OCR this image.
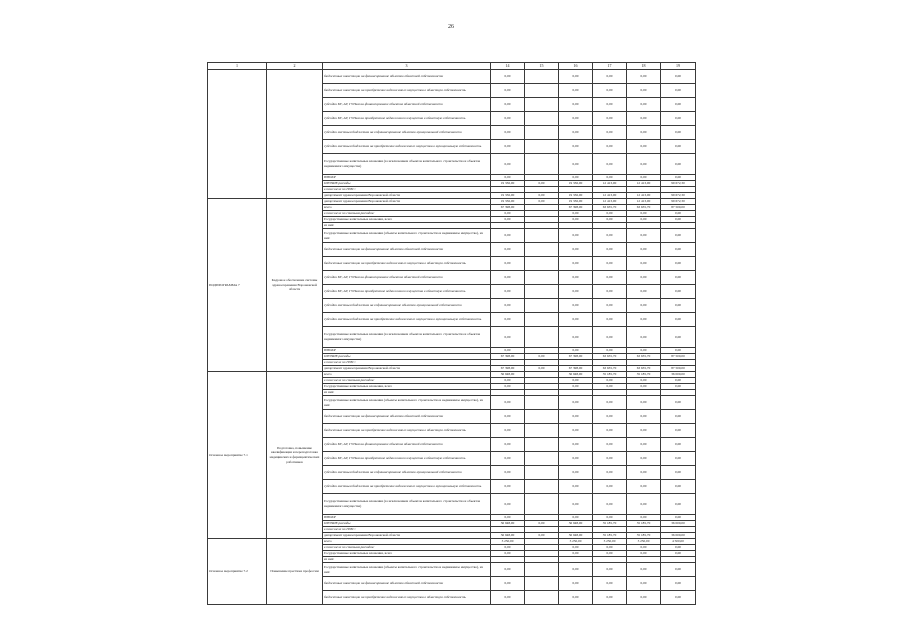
26
1	2	3	14	15	16	17	18	19
		бюджетные инвестиции на финансирование объектов областной собственности	0,00		0,00	0,00	0,00	0,00
		бюджетные инвестиции на приобретение недвижимого имущества в областную собственность	0,00		0,00	0,00	0,00	0,00
		субсидии БУ, АУ, ГУПам на финансирование объектов областной собственности	0,00		0,00	0,00	0,00	0,00
		субсидии БУ, АУ, ГУПам на приобретение недвижимого имущества в областную собственность	0,00		0,00	0,00	0,00	0,00
		субсидии местным бюджетам на софинансирование объектов муниципальной собственности	0,00		0,00	0,00	0,00	0,00
		субсидии местным бюджетам на приобретение недвижимого имущества в муниципальную собственность	0,00		0,00	0,00	0,00	0,00
		Государственные капитальные вложения (за исключением объектов капитального строительства и объектов недвижимого имущества)	0,00		0,00	0,00	0,00	0,00
		НИОКР	0,00		0,00	0,00	0,00	0,00
		ПРОЧИЕ расходы	19 336,00	0,00	19 336,00	12 413,00	12 413,00	99 672,30
		в том числе по ГРБС:						
		департамент здравоохранения Воронежской области	19 336,00	0,00	19 336,00	12 413,00	12 413,00	99 672,30
ПОДПРОГРАММА 7	Кадровое обеспечение системы здравоохранения Воронежской области	департамент здравоохранения Воронежской области	19 336,00	0,00	19 336,00	12 413,00	12 413,00	99 672,30
		всего	67 398,00		67 398,00	63 635,70	63 635,70	87 500,00
		в том числе по статьям расходов:	0,00		0,00	0,00	0,00	0,00
		Государственные капитальные вложения, всего	0,00		0,00	0,00	0,00	0,00
		из них:						
		Государственные капитальные вложения (объекты капитального строительства и недвижимое имущество), из них:	0,00		0,00	0,00	0,00	0,00
		бюджетные инвестиции на финансирование объектов областной собственности	0,00		0,00	0,00	0,00	0,00
		бюджетные инвестиции на приобретение недвижимого имущества в областную собственность	0,00		0,00	0,00	0,00	0,00
		субсидии БУ, АУ, ГУПам на финансирование объектов областной собственности	0,00		0,00	0,00	0,00	0,00
		субсидии БУ, АУ, ГУПам на приобретение недвижимого имущества в областную собственность	0,00		0,00	0,00	0,00	0,00
		субсидии местным бюджетам на софинансирование объектов муниципальной собственности	0,00		0,00	0,00	0,00	0,00
		субсидии местным бюджетам на приобретение недвижимого имущества в муниципальную собственность	0,00		0,00	0,00	0,00	0,00
		Государственные капитальные вложения (за исключением объектов капитального строительства и объектов недвижимого имущества)	0,00		0,00	0,00	0,00	0,00
		НИОКР	0,00		0,00	0,00	0,00	0,00
		ПРОЧИЕ расходы	67 398,00	0,00	67 398,00	63 635,70	63 635,70	87 500,00
		в том числе по ГРБС:						
		департамент здравоохранения Воронежской области	67 398,00	0,00	67 398,00	63 635,70	63 635,70	87 500,00
Основное мероприятие 7.1	Подготовка, повышение квалификации и переподготовка медицинских и фармацевтических работников	всего	36 948,00		36 948,00	35 185,70	35 185,70	36 000,00
		в том числе по статьям расходов:	0,00		0,00	0,00	0,00	0,00
		Государственные капитальные вложения, всего	0,00		0,00	0,00	0,00	0,00
		из них:						
		Государственные капитальные вложения (объекты капитального строительства и недвижимое имущество), из них:	0,00		0,00	0,00	0,00	0,00
		бюджетные инвестиции на финансирование объектов областной собственности	0,00		0,00	0,00	0,00	0,00
		бюджетные инвестиции на приобретение недвижимого имущества в областную собственность	0,00		0,00	0,00	0,00	0,00
		субсидии БУ, АУ, ГУПам на финансирование объектов областной собственности	0,00		0,00	0,00	0,00	0,00
		субсидии БУ, АУ, ГУПам на приобретение недвижимого имущества в областную собственность	0,00		0,00	0,00	0,00	0,00
		субсидии местным бюджетам на софинансирование объектов муниципальной собственности	0,00		0,00	0,00	0,00	0,00
		субсидии местным бюджетам на приобретение недвижимого имущества в муниципальную собственность	0,00		0,00	0,00	0,00	0,00
		Государственные капитальные вложения (за исключением объектов капитального строительства и объектов недвижимого имущества)	0,00		0,00	0,00	0,00	0,00
		НИОКР	0,00		0,00	0,00	0,00	0,00
		ПРОЧИЕ расходы	36 948,00	0,00	36 948,00	35 185,70	35 185,70	36 000,00
		в том числе по ГРБС:						
		департамент здравоохранения Воронежской области	36 948,00	0,00	36 948,00	35 185,70	35 185,70	36 000,00
Основное мероприятие 7.2	Повышение престижа профессии	всего	3 250,00		3 250,00	3 250,00	3 250,00	4 500,00
		в том числе по статьям расходов:	0,00		0,00	0,00	0,00	0,00
		Государственные капитальные вложения, всего	0,00		0,00	0,00	0,00	0,00
		из них:						
		Государственные капитальные вложения (объекты капитального строительства и недвижимое имущество), из них:	0,00		0,00	0,00	0,00	0,00
		бюджетные инвестиции на финансирование объектов областной собственности	0,00		0,00	0,00	0,00	0,00
		бюджетные инвестиции на приобретение недвижимого имущества в областную собственность	0,00		0,00	0,00	0,00	0,00
